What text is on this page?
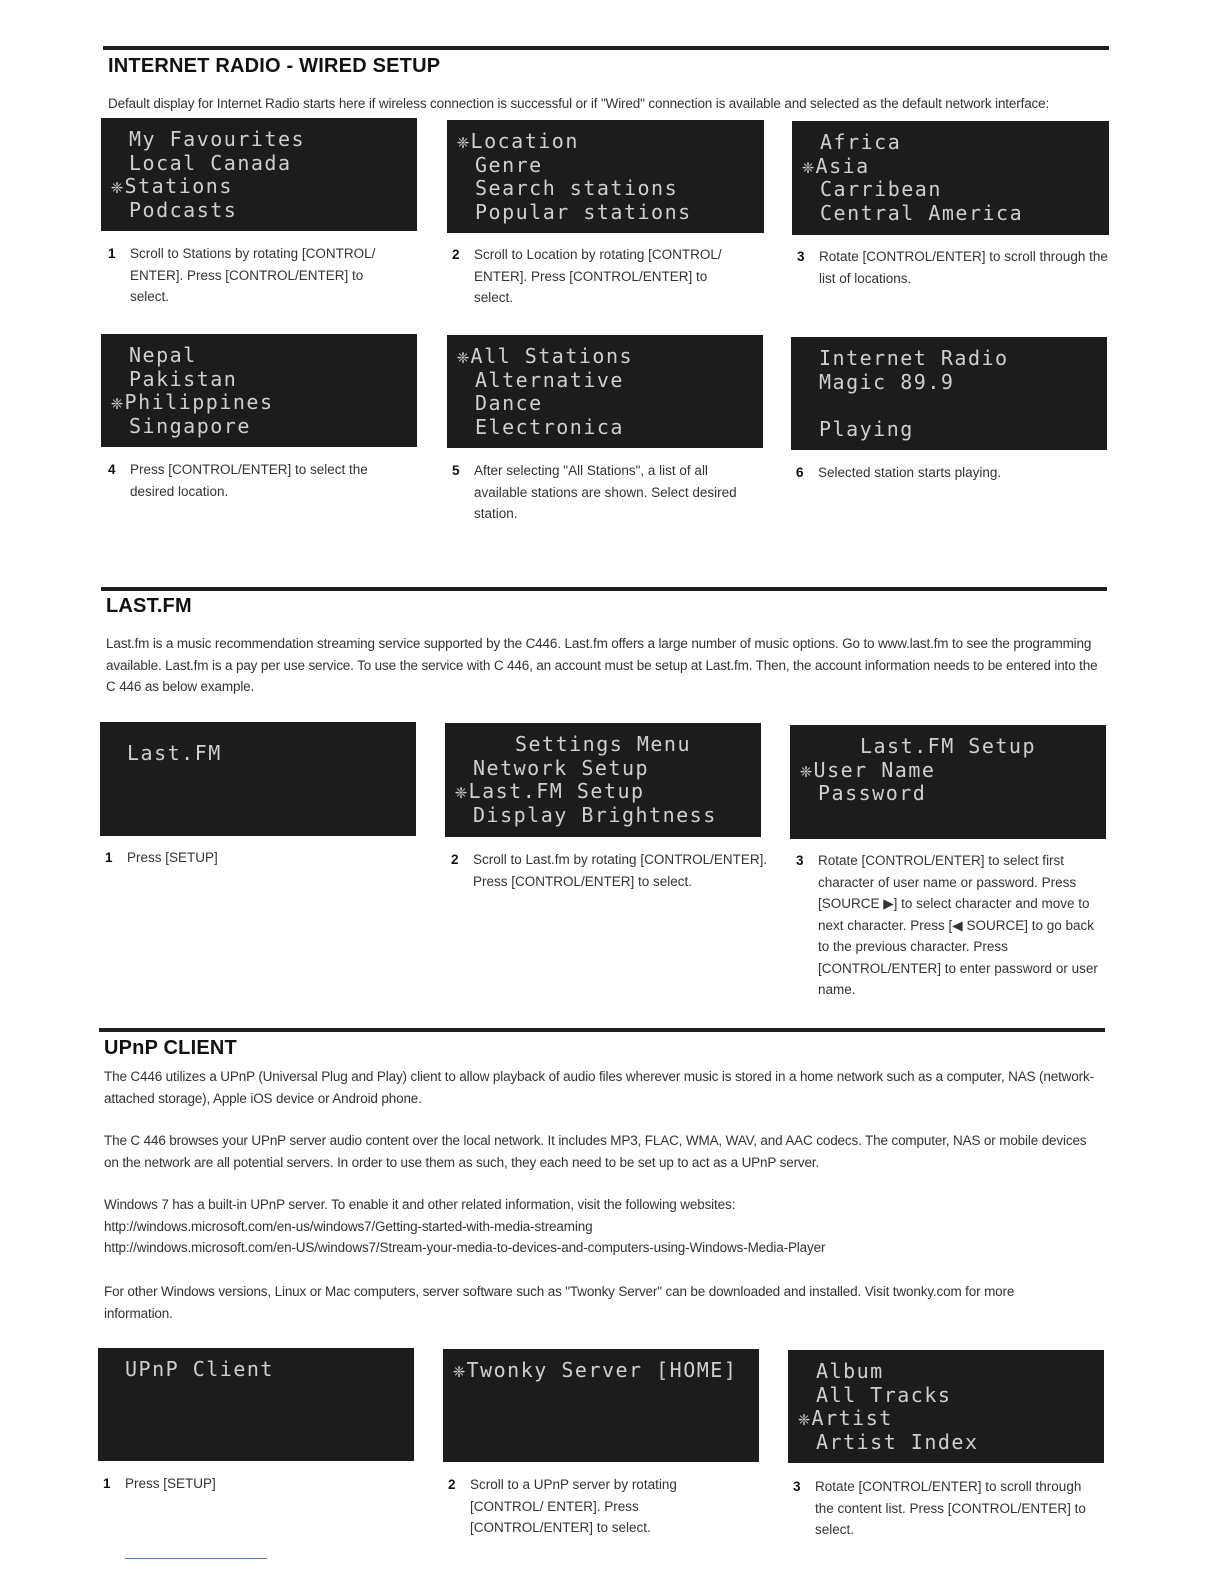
INTERNET RADIO - WIRED SETUP

Default display for Internet Radio starts here if wireless connection is successful or if "Wired" connection is available and selected as the default network interface:

My Favourites
Local Canada
❈Stations
Podcasts
❈Location
Genre
Search stations
Popular stations
Africa
❈Asia
Carribean
Central America
1 Scroll to Stations by rotating [CONTROL/ ENTER]. Press [CONTROL/ENTER] to select.
2 Scroll to Location by rotating [CONTROL/ ENTER]. Press [CONTROL/ENTER] to select.
3 Rotate [CONTROL/ENTER] to scroll through the list of locations.
Nepal
Pakistan
❈Philippines
Singapore
❈All Stations
Alternative
Dance
Electronica
Internet Radio
Magic 89.9
Playing
4 Press [CONTROL/ENTER] to select the desired location.
5 After selecting "All Stations", a list of all available stations are shown. Select desired station.
6 Selected station starts playing.
LAST.FM

Last.fm is a music recommendation streaming service supported by the C446. Last.fm offers a large number of music options. Go to www.last.fm to see the programming available. Last.fm is a pay per use service. To use the service with C 446, an account must be setup at Last.fm. Then, the account information needs to be entered into the C 446 as below example.

Last.FM	Settings Menu
Network Setup
❈Last.FM Setup
Display Brightness
Last.FM Setup
❈User Name
Password
1 Press [SETUP]	2 Scroll to Last.fm by rotating [CONTROL/ENTER]. Press [CONTROL/ENTER] to select.
3 Rotate [CONTROL/ENTER] to select first character of user name or password. Press [SOURCE ▶] to select character and move to next character. Press [◀ SOURCE] to go back to the previous character. Press [CONTROL/ENTER] to enter password or user name.
UPnP CLIENT

The C446 utilizes a UPnP (Universal Plug and Play) client to allow playback of audio files wherever music is stored in a home network such as a computer, NAS (network-attached storage), Apple iOS device or Android phone.

The C 446 browses your UPnP server audio content over the local network. It includes MP3, FLAC, WMA, WAV, and AAC codecs. The computer, NAS or mobile devices on the network are all potential servers. In order to use them as such, they each need to be set up to act as a UPnP server.

Windows 7 has a built-in UPnP server. To enable it and other related information, visit the following websites:

http://windows.microsoft.com/en-us/windows7/Getting-started-with-media-streaming

http://windows.microsoft.com/en-US/windows7/Stream-your-media-to-devices-and-computers-using-Windows-Media-Player

For other Windows versions, Linux or Mac computers, server software such as "Twonky Server" can be downloaded and installed. Visit twonky.com for more information.

UPnP Client	❈Twonky Server [HOME]	Album
All Tracks
❈Artist
Artist Index
1 Press [SETUP]	2 Scroll to a UPnP server by rotating [CONTROL/ ENTER]. Press [CONTROL/ENTER] to select.
3 Rotate [CONTROL/ENTER] to scroll through the content list. Press [CONTROL/ENTER] to select.
